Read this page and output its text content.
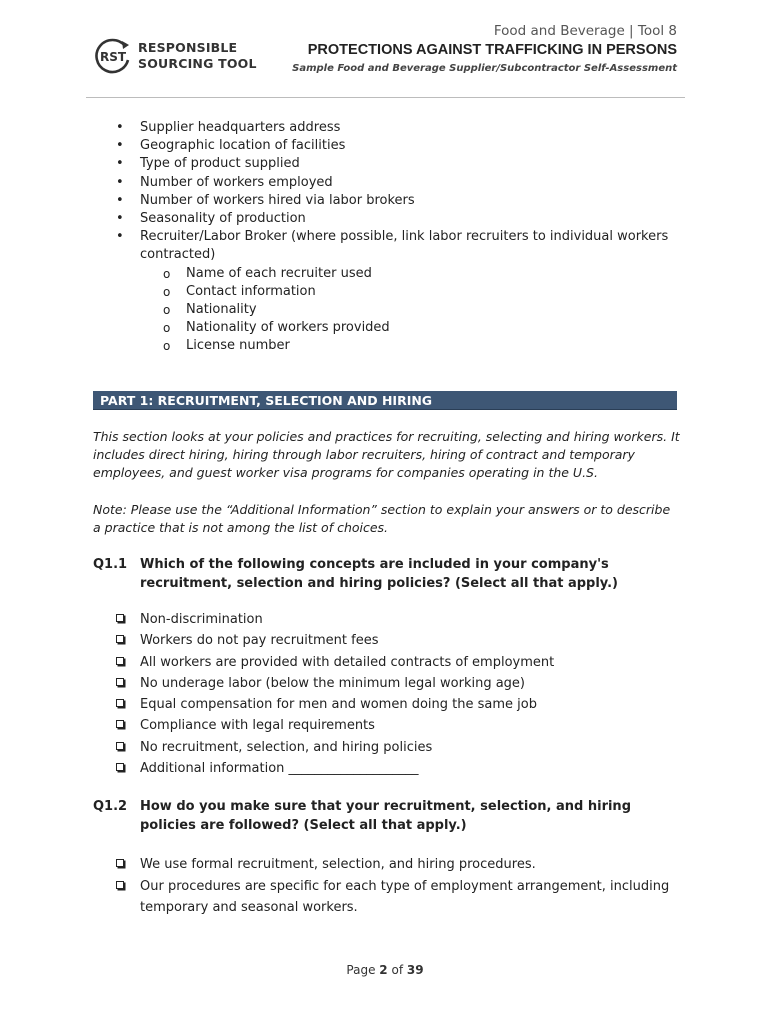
RST
RESPONSIBLE
SOURCING TOOL
Food and Beverage | Tool 8
PROTECTIONS AGAINST TRAFFICKING IN PERSONS
Sample Food and Beverage Supplier/Subcontractor Self-Assessment
• Supplier headquarters address
• Geographic location of facilities
• Type of product supplied
• Number of workers employed
• Number of workers hired via labor brokers
• Seasonality of production
• Recruiter/Labor Broker (where possible, link labor recruiters to individual workers contracted)
o Name of each recruiter used
o Contact information
o Nationality
o Nationality of workers provided
o License number
PART 1: RECRUITMENT, SELECTION AND HIRING

This section looks at your policies and practices for recruiting, selecting and hiring workers. It includes direct hiring, hiring through labor recruiters, hiring of contract and temporary employees, and guest worker visa programs for companies operating in the U.S.

Note: Please use the “Additional Information” section to explain your answers or to describe a practice that is not among the list of choices.

Q1.1 Which of the following concepts are included in your company's recruitment, selection and hiring policies? (Select all that apply.)
Non-discrimination
Workers do not pay recruitment fees
All workers are provided with detailed contracts of employment
No underage labor (below the minimum legal working age)
Equal compensation for men and women doing the same job
Compliance with legal requirements
No recruitment, selection, and hiring policies
Additional information ____________________
Q1.2 How do you make sure that your recruitment, selection, and hiring policies are followed? (Select all that apply.)
We use formal recruitment, selection, and hiring procedures.
Our procedures are specific for each type of employment arrangement, including temporary and seasonal workers.
Page 2 of 39
